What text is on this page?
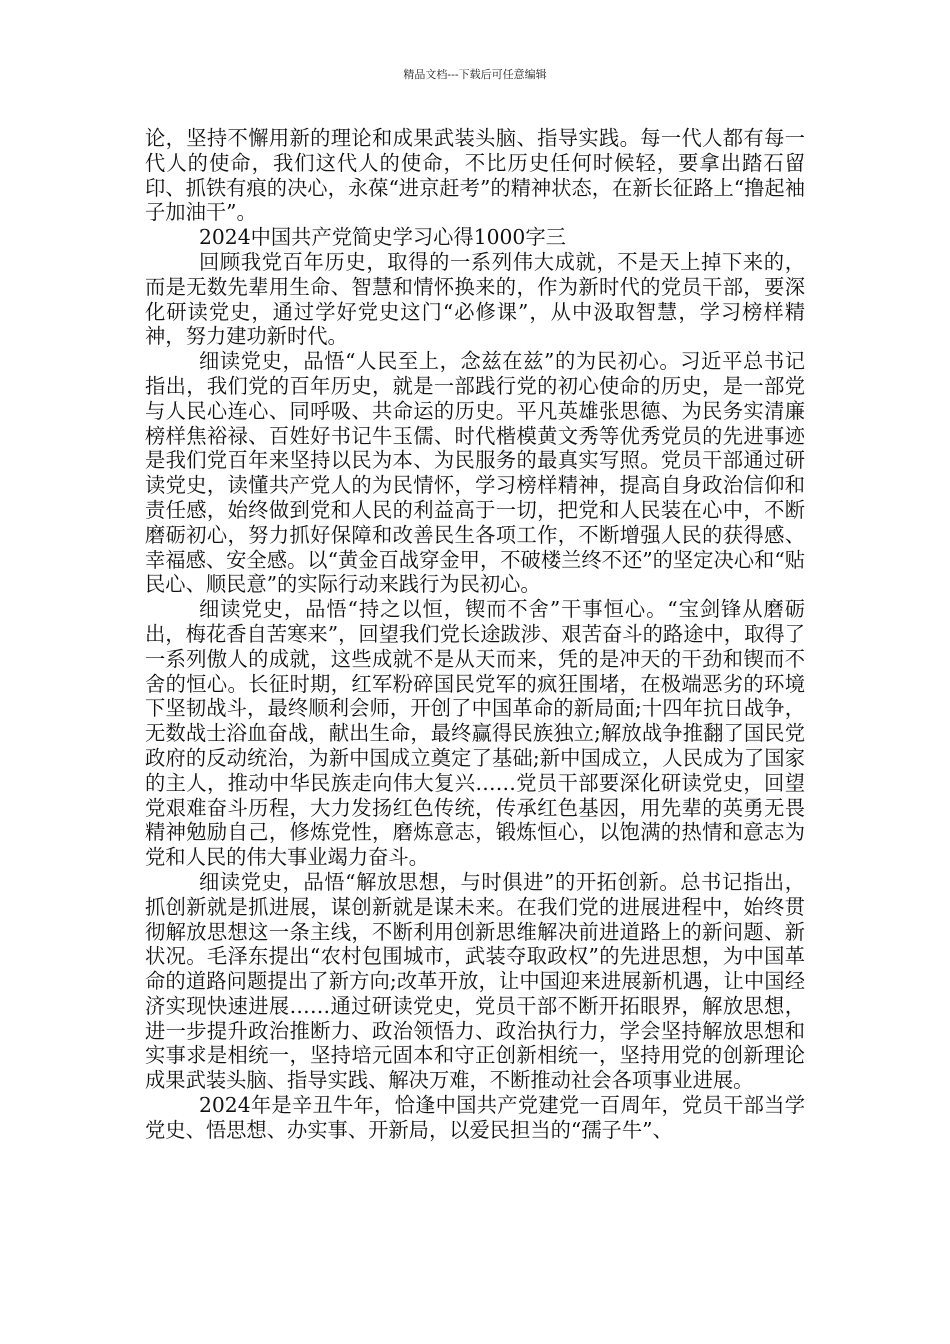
精品文档---下载后可任意编辑

论，坚持不懈用新的理论和成果武装头脑、指导实践。每一代人都有每一代人的使命，我们这代人的使命，不比历史任何时候轻，要拿出踏石留印、抓铁有痕的决心，永葆“进京赶考”的精神状态，在新长征路上“撸起袖子加油干”。

2024中国共产党简史学习心得1000字三

回顾我党百年历史，取得的一系列伟大成就，不是天上掉下来的，而是无数先辈用生命、智慧和情怀换来的，作为新时代的党员干部，要深化研读党史，通过学好党史这门“必修课”，从中汲取智慧，学习榜样精神，努力建功新时代。

细读党史，品悟“人民至上，念兹在兹”的为民初心。习近平总书记指出，我们党的百年历史，就是一部践行党的初心使命的历史，是一部党与人民心连心、同呼吸、共命运的历史。平凡英雄张思德、为民务实清廉榜样焦裕禄、百姓好书记牛玉儒、时代楷模黄文秀等优秀党员的先进事迹是我们党百年来坚持以民为本、为民服务的最真实写照。党员干部通过研读党史，读懂共产党人的为民情怀，学习榜样精神，提高自身政治信仰和责任感，始终做到党和人民的利益高于一切，把党和人民装在心中，不断磨砺初心，努力抓好保障和改善民生各项工作，不断增强人民的获得感、幸福感、安全感。以“黄金百战穿金甲，不破楼兰终不还”的坚定决心和“贴民心、顺民意”的实际行动来践行为民初心。

细读党史，品悟“持之以恒，锲而不舍”干事恒心。“宝剑锋从磨砺出，梅花香自苦寒来”，回望我们党长途跋涉、艰苦奋斗的路途中，取得了一系列傲人的成就，这些成就不是从天而来，凭的是冲天的干劲和锲而不舍的恒心。长征时期，红军粉碎国民党军的疯狂围堵，在极端恶劣的环境下坚韧战斗，最终顺利会师，开创了中国革命的新局面;十四年抗日战争，无数战士浴血奋战，献出生命，最终赢得民族独立;解放战争推翻了国民党政府的反动统治，为新中国成立奠定了基础;新中国成立，人民成为了国家的主人，推动中华民族走向伟大复兴……党员干部要深化研读党史，回望党艰难奋斗历程，大力发扬红色传统，传承红色基因，用先辈的英勇无畏精神勉励自己，修炼党性，磨炼意志，锻炼恒心，以饱满的热情和意志为党和人民的伟大事业竭力奋斗。

细读党史，品悟“解放思想，与时俱进”的开拓创新。总书记指出，抓创新就是抓进展，谋创新就是谋未来。在我们党的进展进程中，始终贯彻解放思想这一条主线，不断利用创新思维解决前进道路上的新问题、新状况。毛泽东提出“农村包围城市，武装夺取政权”的先进思想，为中国革命的道路问题提出了新方向;改革开放，让中国迎来进展新机遇，让中国经济实现快速进展……通过研读党史，党员干部不断开拓眼界，解放思想，进一步提升政治推断力、政治领悟力、政治执行力，学会坚持解放思想和实事求是相统一，坚持培元固本和守正创新相统一，坚持用党的创新理论成果武装头脑、指导实践、解决万难，不断推动社会各项事业进展。

2024年是辛丑牛年，恰逢中国共产党建党一百周年，党员干部当学党史、悟思想、办实事、开新局，以爱民担当的“孺子牛”、
